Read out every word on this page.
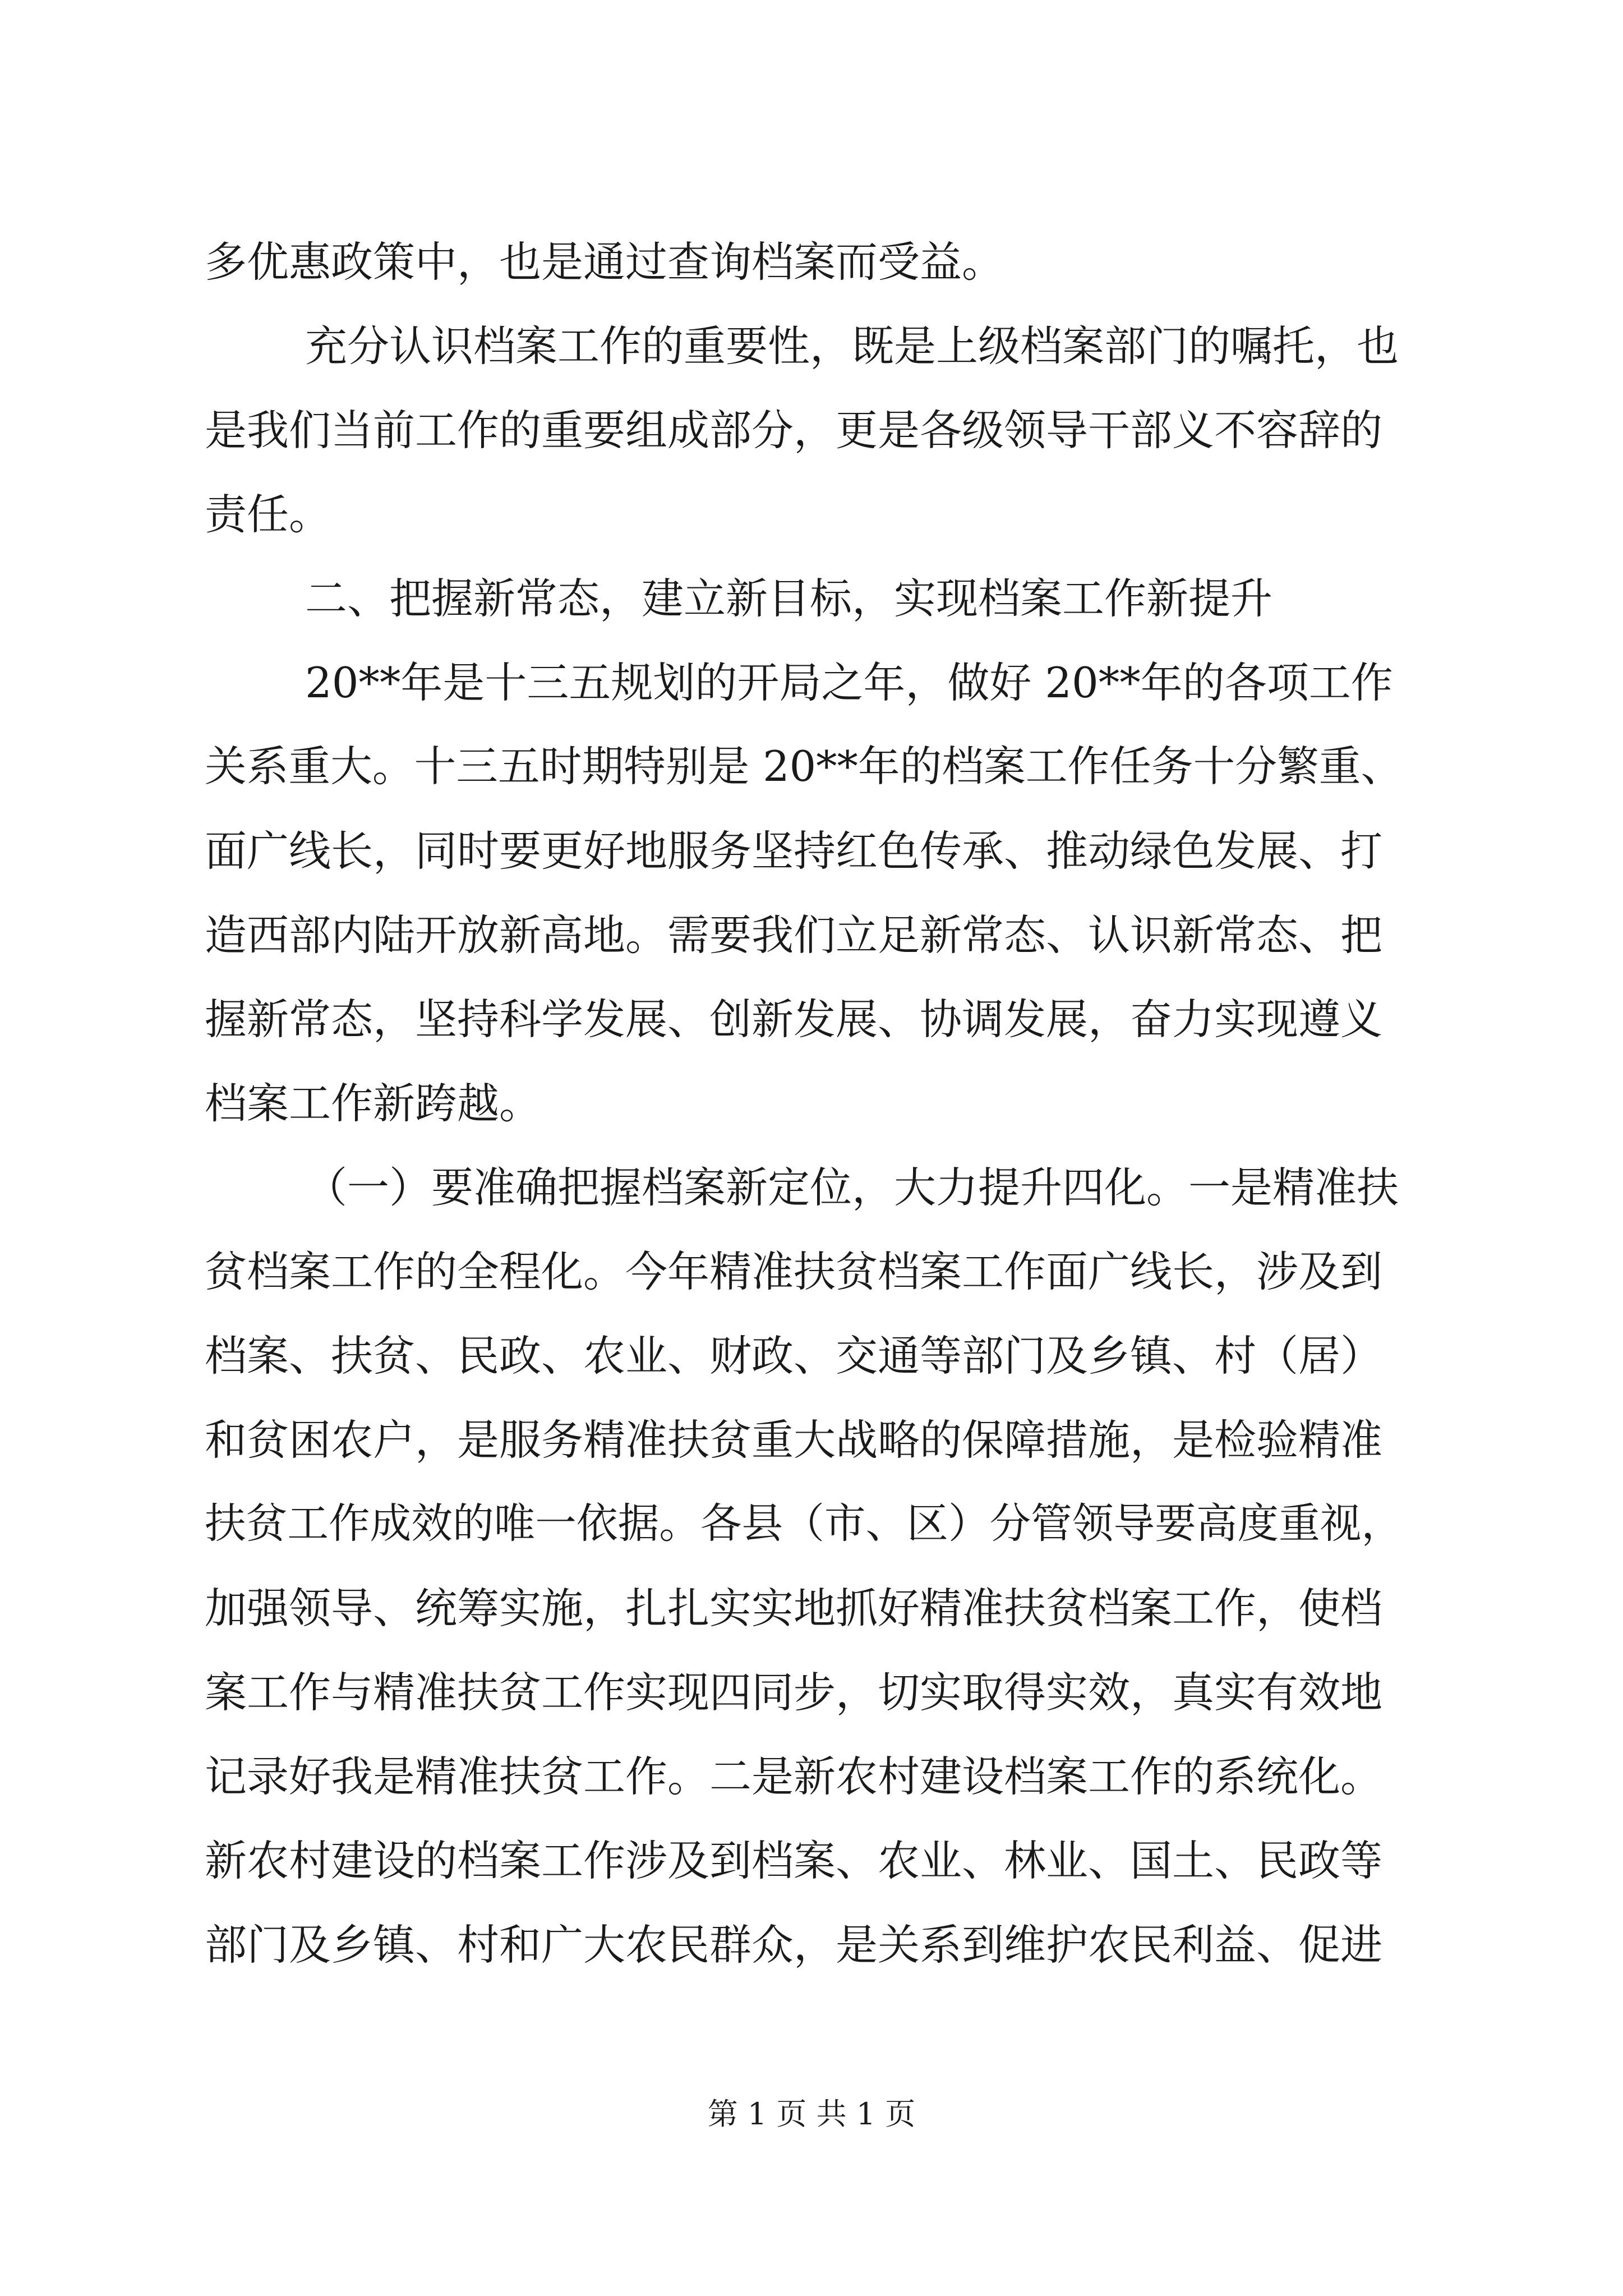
多优惠政策中，也是通过查询档案而受益。

充分认识档案工作的重要性，既是上级档案部门的嘱托，也

是我们当前工作的重要组成部分，更是各级领导干部义不容辞的

责任。

二、把握新常态，建立新目标，实现档案工作新提升

20**年是十三五规划的开局之年，做好 20**年的各项工作

关系重大。十三五时期特别是 20**年的档案工作任务十分繁重、

面广线长，同时要更好地服务坚持红色传承、推动绿色发展、打

造西部内陆开放新高地。需要我们立足新常态、认识新常态、把

握新常态，坚持科学发展、创新发展、协调发展，奋力实现遵义

档案工作新跨越。

（一）要准确把握档案新定位，大力提升四化。一是精准扶

贫档案工作的全程化。今年精准扶贫档案工作面广线长，涉及到

档案、扶贫、民政、农业、财政、交通等部门及乡镇、村（居）

和贫困农户，是服务精准扶贫重大战略的保障措施，是检验精准

扶贫工作成效的唯一依据。各县（市、区）分管领导要高度重视，

加强领导、统筹实施，扎扎实实地抓好精准扶贫档案工作，使档

案工作与精准扶贫工作实现四同步，切实取得实效，真实有效地

记录好我是精准扶贫工作。二是新农村建设档案工作的系统化。

新农村建设的档案工作涉及到档案、农业、林业、国土、民政等

部门及乡镇、村和广大农民群众，是关系到维护农民利益、促进

第 1 页 共 1 页
